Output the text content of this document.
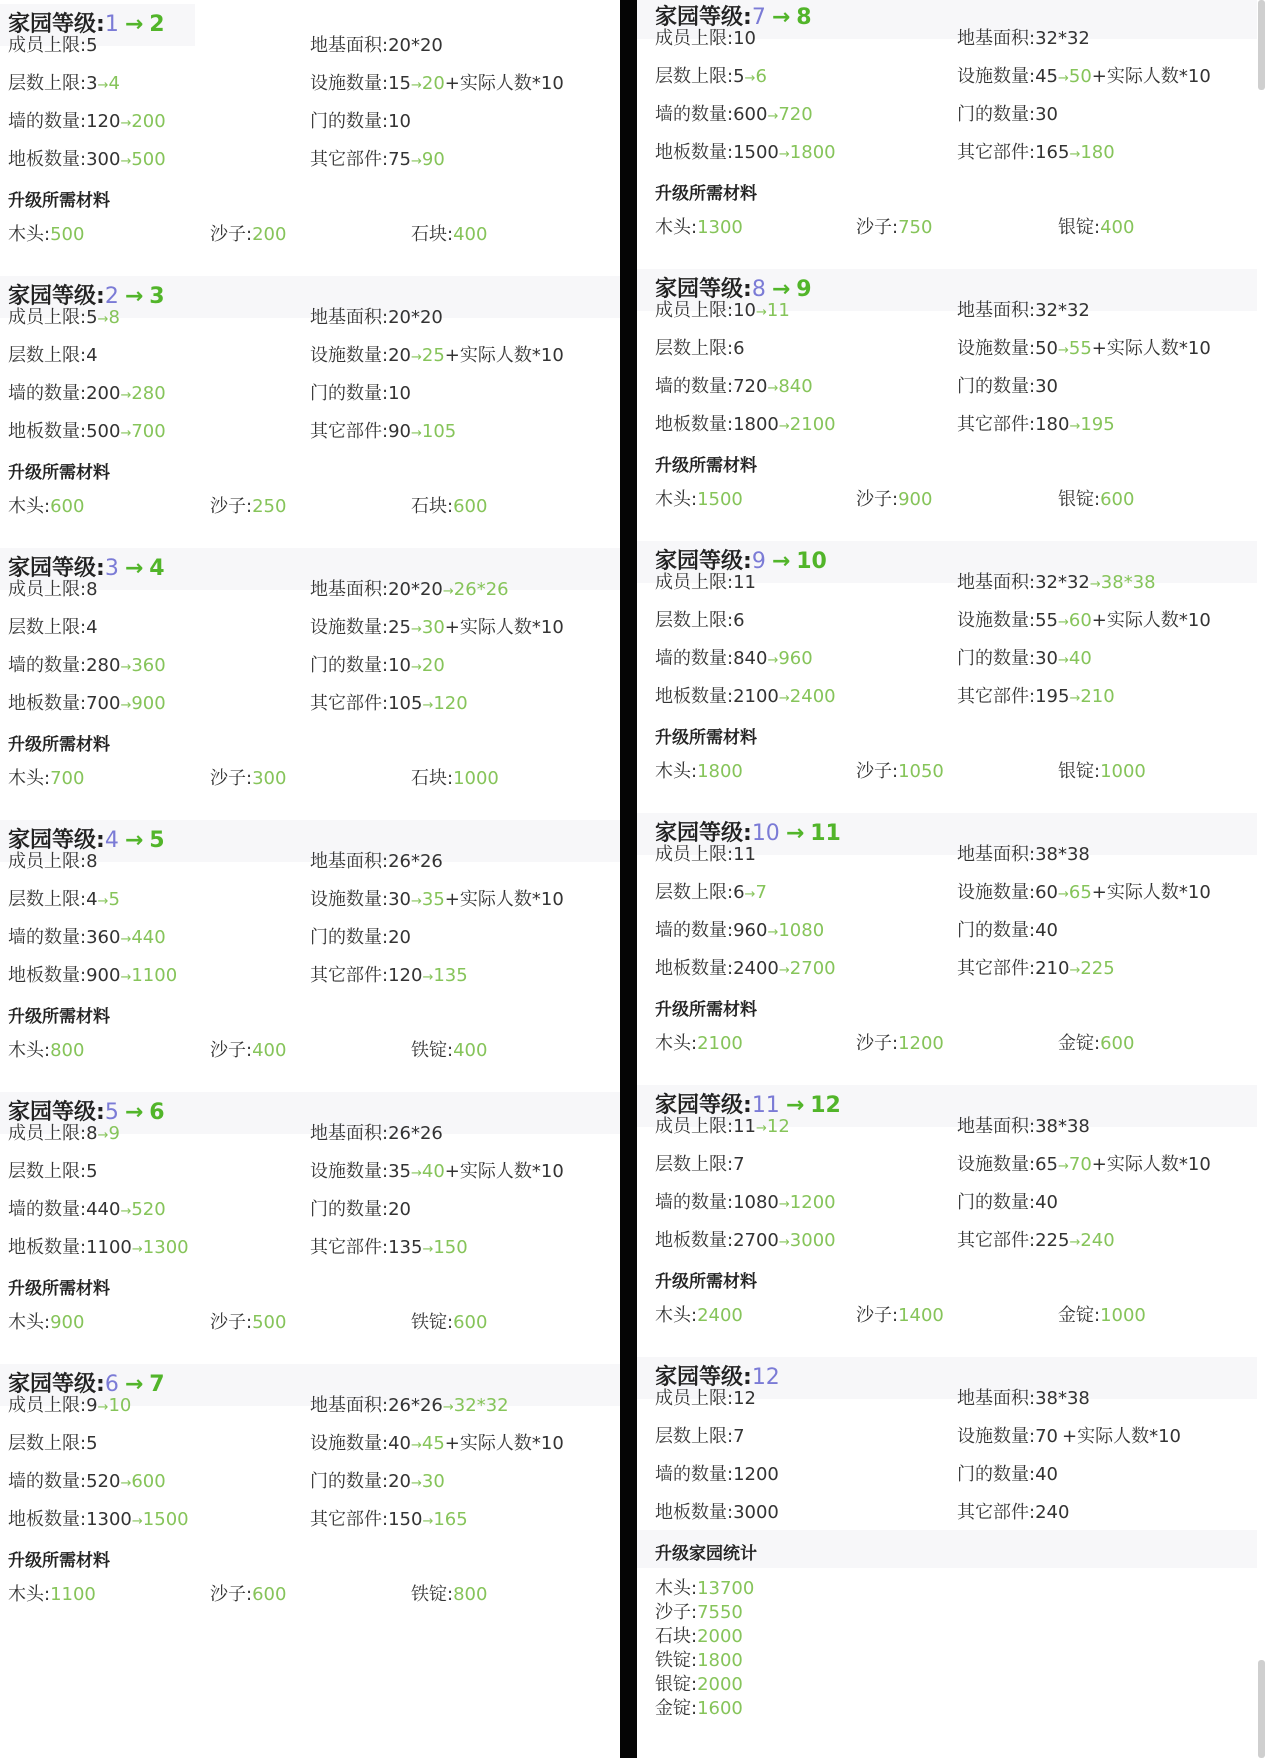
家园等级:1 → 2
成员上限:5	地基面积:20*20
层数上限:3→4	设施数量:15→20+实际人数*10
墙的数量:120→200	门的数量:10
地板数量:300→500	其它部件:75→90
升级所需材料
木头:500	沙子:200	石块:400
家园等级:2 → 3
成员上限:5→8	地基面积:20*20
层数上限:4	设施数量:20→25+实际人数*10
墙的数量:200→280	门的数量:10
地板数量:500→700	其它部件:90→105
升级所需材料
木头:600	沙子:250	石块:600
家园等级:3 → 4
成员上限:8	地基面积:20*20→26*26
层数上限:4	设施数量:25→30+实际人数*10
墙的数量:280→360	门的数量:10→20
地板数量:700→900	其它部件:105→120
升级所需材料
木头:700	沙子:300	石块:1000
家园等级:4 → 5
成员上限:8	地基面积:26*26
层数上限:4→5	设施数量:30→35+实际人数*10
墙的数量:360→440	门的数量:20
地板数量:900→1100	其它部件:120→135
升级所需材料
木头:800	沙子:400	铁锭:400
家园等级:5 → 6
成员上限:8→9	地基面积:26*26
层数上限:5	设施数量:35→40+实际人数*10
墙的数量:440→520	门的数量:20
地板数量:1100→1300	其它部件:135→150
升级所需材料
木头:900	沙子:500	铁锭:600
家园等级:6 → 7
成员上限:9→10	地基面积:26*26→32*32
层数上限:5	设施数量:40→45+实际人数*10
墙的数量:520→600	门的数量:20→30
地板数量:1300→1500	其它部件:150→165
升级所需材料
木头:1100	沙子:600	铁锭:800
家园等级:7 → 8
成员上限:10	地基面积:32*32
层数上限:5→6	设施数量:45→50+实际人数*10
墙的数量:600→720	门的数量:30
地板数量:1500→1800	其它部件:165→180
升级所需材料
木头:1300	沙子:750	银锭:400
家园等级:8 → 9
成员上限:10→11	地基面积:32*32
层数上限:6	设施数量:50→55+实际人数*10
墙的数量:720→840	门的数量:30
地板数量:1800→2100	其它部件:180→195
升级所需材料
木头:1500	沙子:900	银锭:600
家园等级:9 → 10
成员上限:11	地基面积:32*32→38*38
层数上限:6	设施数量:55→60+实际人数*10
墙的数量:840→960	门的数量:30→40
地板数量:2100→2400	其它部件:195→210
升级所需材料
木头:1800	沙子:1050	银锭:1000
家园等级:10 → 11
成员上限:11	地基面积:38*38
层数上限:6→7	设施数量:60→65+实际人数*10
墙的数量:960→1080	门的数量:40
地板数量:2400→2700	其它部件:210→225
升级所需材料
木头:2100	沙子:1200	金锭:600
家园等级:11 → 12
成员上限:11→12	地基面积:38*38
层数上限:7	设施数量:65→70+实际人数*10
墙的数量:1080→1200	门的数量:40
地板数量:2700→3000	其它部件:225→240
升级所需材料
木头:2400	沙子:1400	金锭:1000
家园等级:12
成员上限:12	地基面积:38*38
层数上限:7	设施数量:70 +实际人数*10
墙的数量:1200	门的数量:40
地板数量:3000	其它部件:240
升级家园统计
木头:13700
沙子:7550
石块:2000
铁锭:1800
银锭:2000
金锭:1600
